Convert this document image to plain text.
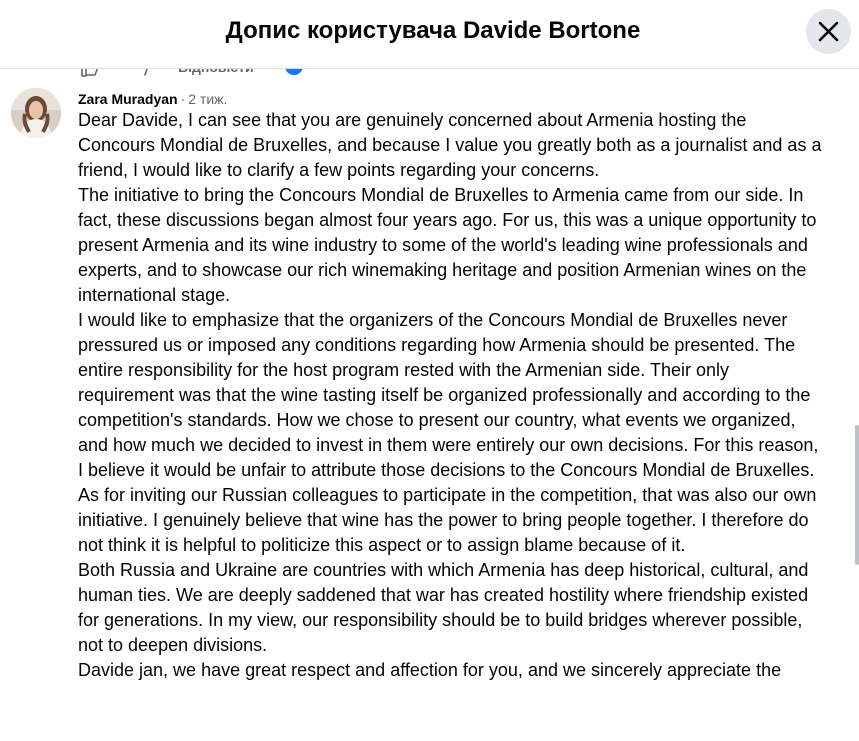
Допис користувача Davide Bortone
Zara Muradyan · 2 тиж.

Dear Davide, I can see that you are genuinely concerned about Armenia hosting the Concours Mondial de Bruxelles, and because I value you greatly both as a journalist and as a friend, I would like to clarify a few points regarding your concerns.

The initiative to bring the Concours Mondial de Bruxelles to Armenia came from our side. In fact, these discussions began almost four years ago. For us, this was a unique opportunity to present Armenia and its wine industry to some of the world's leading wine professionals and experts, and to showcase our rich winemaking heritage and position Armenian wines on the international stage.

I would like to emphasize that the organizers of the Concours Mondial de Bruxelles never pressured us or imposed any conditions regarding how Armenia should be presented. The entire responsibility for the host program rested with the Armenian side. Their only requirement was that the wine tasting itself be organized professionally and according to the competition's standards. How we chose to present our country, what events we organized, and how much we decided to invest in them were entirely our own decisions. For this reason, I believe it would be unfair to attribute those decisions to the Concours Mondial de Bruxelles.

As for inviting our Russian colleagues to participate in the competition, that was also our own initiative. I genuinely believe that wine has the power to bring people together. I therefore do not think it is helpful to politicize this aspect or to assign blame because of it.

Both Russia and Ukraine are countries with which Armenia has deep historical, cultural, and human ties. We are deeply saddened that war has created hostility where friendship existed for generations. In my view, our responsibility should be to build bridges wherever possible, not to deepen divisions.

Davide jan, we have great respect and affection for you, and we sincerely appreciate the
